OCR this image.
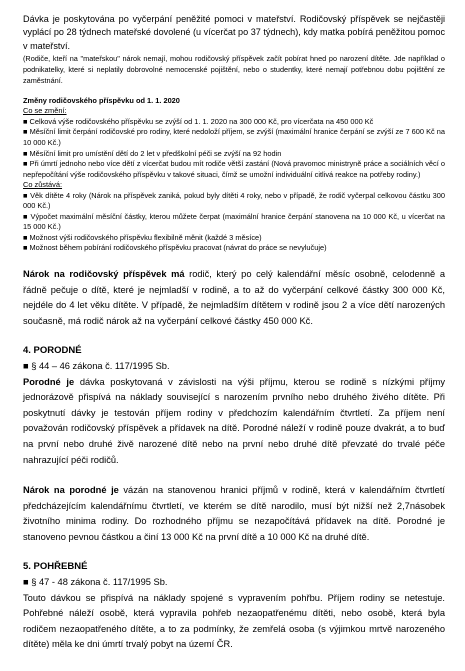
Dávka je poskytována po vyčerpání peněžité pomoci v mateřství. Rodičovský příspěvek se nejčastěji vyplácí po 28 týdnech mateřské dovolené (u vícerčat po 37 týdnech), kdy matka pobírá peněžitou pomoc v mateřství.

(Rodiče, kteří na "mateřskou" nárok nemají, mohou rodičovský příspěvek začít pobírat hned po narození dítěte. Jde například o podnikatelky, které si neplatily dobrovolné nemocenské pojištění, nebo o studentky, které nemají potřebnou dobu pojištění ze zaměstnání.

Změny rodičovského příspěvku od 1. 1. 2020

Co se změní:

■ Celková výše rodičovského příspěvku se zvýší od 1. 1. 2020 na 300 000 Kč, pro vícerčata na 450 000 Kč

■ Měsíční limit čerpání rodičovské pro rodiny, které nedoloží příjem, se zvýší (maximální hranice čerpání se zvýší ze 7 600 Kč na 10 000 Kč.)

■ Měsíční limit pro umístění dětí do 2 let v předškolní péči se zvýší na 92 hodin

■ Při úmrtí jednoho nebo více dětí z vícerčat budou mít rodiče větší zastání (Nová pravomoc ministryně práce a sociálních věcí o nepřepočítání výše rodičovského příspěvku v takové situaci, čímž se umožní individuální citlivá reakce na potřeby rodiny.)

Co zůstává:

■ Věk dítěte 4 roky (Nárok na příspěvek zaniká, pokud byly dítěti 4 roky, nebo v případě, že rodič vyčerpal celkovou částku 300 000 Kč.)

■ Výpočet maximální měsíční částky, kterou můžete čerpat (maximální hranice čerpání stanovena na 10 000 Kč, u vícerčat na 15 000 Kč.)

■ Možnost výši rodičovského příspěvku flexibilně měnit (každé 3 měsíce)

■ Možnost během pobírání rodičovského příspěvku pracovat (návrat do práce se nevylučuje)

Nárok na rodičovský příspěvek má rodič, který po celý kalendářní měsíc osobně, celodenně a řádně pečuje o dítě, které je nejmladší v rodině, a to až do vyčerpání celkové částky 300 000 Kč, nejdéle do 4 let věku dítěte. V případě, že nejmladším dítětem v rodině jsou 2 a více dětí narozených současně, má rodič nárok až na vyčerpání celkové částky 450 000 Kč.

4. PORODNÉ

■ § 44 – 46 zákona č. 117/1995 Sb.

Porodné je dávka poskytovaná v závislosti na výši příjmu, kterou se rodině s nízkými příjmy jednorázově přispívá na náklady související s narozením prvního nebo druhého živého dítěte. Při poskytnutí dávky je testován příjem rodiny v předchozím kalendářním čtvrtletí. Za příjem není považován rodičovský příspěvek a přídavek na dítě. Porodné náleží v rodině pouze dvakrát, a to buď na první nebo druhé živě narozené dítě nebo na první nebo druhé dítě převzaté do trvalé péče nahrazující péči rodičů.

Nárok na porodné je vázán na stanovenou hranici příjmů v rodině, která v kalendářním čtvrtletí předcházejícím kalendářnímu čtvrtletí, ve kterém se dítě narodilo, musí být nižší než 2,7násobek životního minima rodiny. Do rozhodného příjmu se nezapočítává přídavek na dítě. Porodné je stanoveno pevnou částkou a činí 13 000 Kč na první dítě a 10 000 Kč na druhé dítě.

5. POHŘEBNÉ

■ § 47 - 48 zákona č. 117/1995 Sb.

Touto dávkou se přispívá na náklady spojené s vypravením pohřbu. Příjem rodiny se netestuje. Pohřebné náleží osobě, která vypravila pohřeb nezaopatřenému dítěti, nebo osobě, která byla rodičem nezaopatřeného dítěte, a to za podmínky, že zemřelá osoba (s výjimkou mrtvě narozeného dítěte) měla ke dni úmrtí trvalý pobyt na území ČR.
